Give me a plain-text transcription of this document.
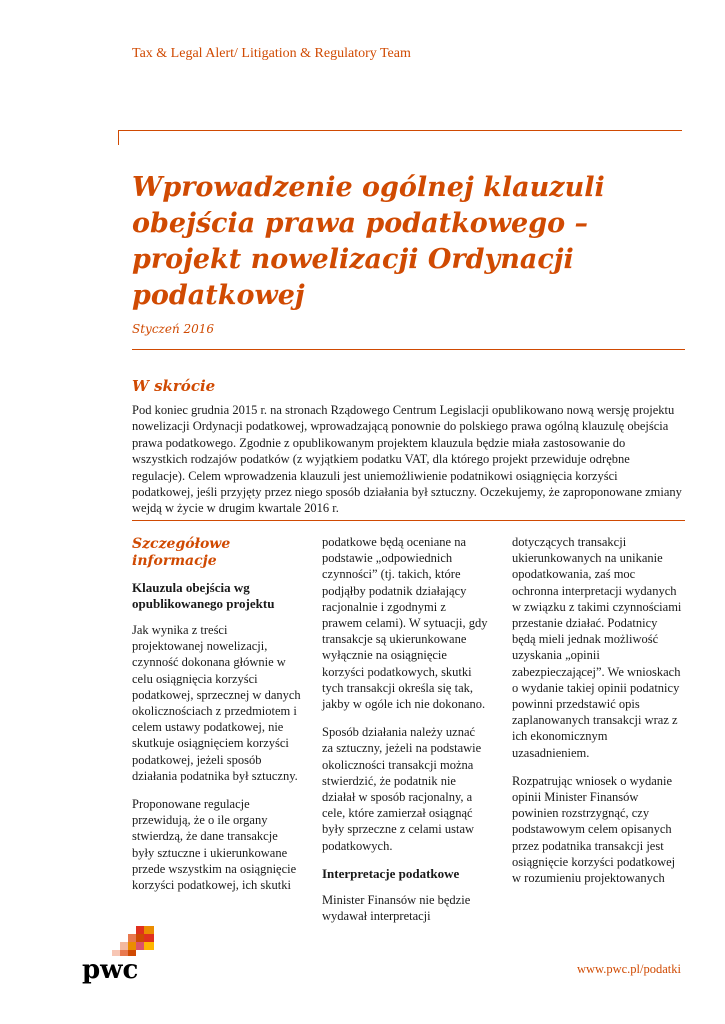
Tax & Legal Alert/ Litigation & Regulatory Team
Wprowadzenie ogólnej klauzuli obejścia prawa podatkowego – projekt nowelizacji Ordynacji podatkowej
Styczeń 2016
W skrócie

Pod koniec grudnia 2015 r. na stronach Rządowego Centrum Legislacji opublikowano nową wersję projektu nowelizacji Ordynacji podatkowej, wprowadzającą ponownie do polskiego prawa ogólną klauzulę obejścia prawa podatkowego. Zgodnie z opublikowanym projektem klauzula będzie miała zastosowanie do wszystkich rodzajów podatków (z wyjątkiem podatku VAT, dla którego projekt przewiduje odrębne regulacje). Celem wprowadzenia klauzuli jest uniemożliwienie podatnikowi osiągnięcia korzyści podatkowej, jeśli przyjęty przez niego sposób działania był sztuczny. Oczekujemy, że zaproponowane zmiany wejdą w życie w drugim kwartale 2016 r.

Szczegółowe informacje
Klauzula obejścia wg opublikowanego projektu

Jak wynika z treści projektowanej nowelizacji, czynność dokonana głównie w celu osiągnięcia korzyści podatkowej, sprzecznej w danych okolicznościach z przedmiotem i celem ustawy podatkowej, nie skutkuje osiągnięciem korzyści podatkowej, jeżeli sposób działania podatnika był sztuczny.

Proponowane regulacje przewidują, że o ile organy stwierdzą, że dane transakcje były sztuczne i ukierunkowane przede wszystkim na osiągnięcie korzyści podatkowej, ich skutki

podatkowe będą oceniane na podstawie „odpowiednich czynności” (tj. takich, które podjąłby podatnik działający racjonalnie i zgodnymi z prawem celami). W sytuacji, gdy transakcje są ukierunkowane wyłącznie na osiągnięcie korzyści podatkowych, skutki tych transakcji określa się tak, jakby w ogóle ich nie dokonano.

Sposób działania należy uznać za sztuczny, jeżeli na podstawie okoliczności transakcji można stwierdzić, że podatnik nie działał w sposób racjonalny, a cele, które zamierzał osiągnąć były sprzeczne z celami ustaw podatkowych.

Interpretacje podatkowe

Minister Finansów nie będzie wydawał interpretacji

dotyczących transakcji ukierunkowanych na unikanie opodatkowania, zaś moc ochronna interpretacji wydanych w związku z takimi czynnościami przestanie działać. Podatnicy będą mieli jednak możliwość uzyskania „opinii zabezpieczającej”. We wnioskach o wydanie takiej opinii podatnicy powinni przedstawić opis zaplanowanych transakcji wraz z ich ekonomicznym uzasadnieniem.

Rozpatrując wniosek o wydanie opinii Minister Finansów powinien rozstrzygnąć, czy podstawowym celem opisanych przez podatnika transakcji jest osiągnięcie korzyści podatkowej w rozumieniu projektowanych

pwc	www.pwc.pl/podatki
